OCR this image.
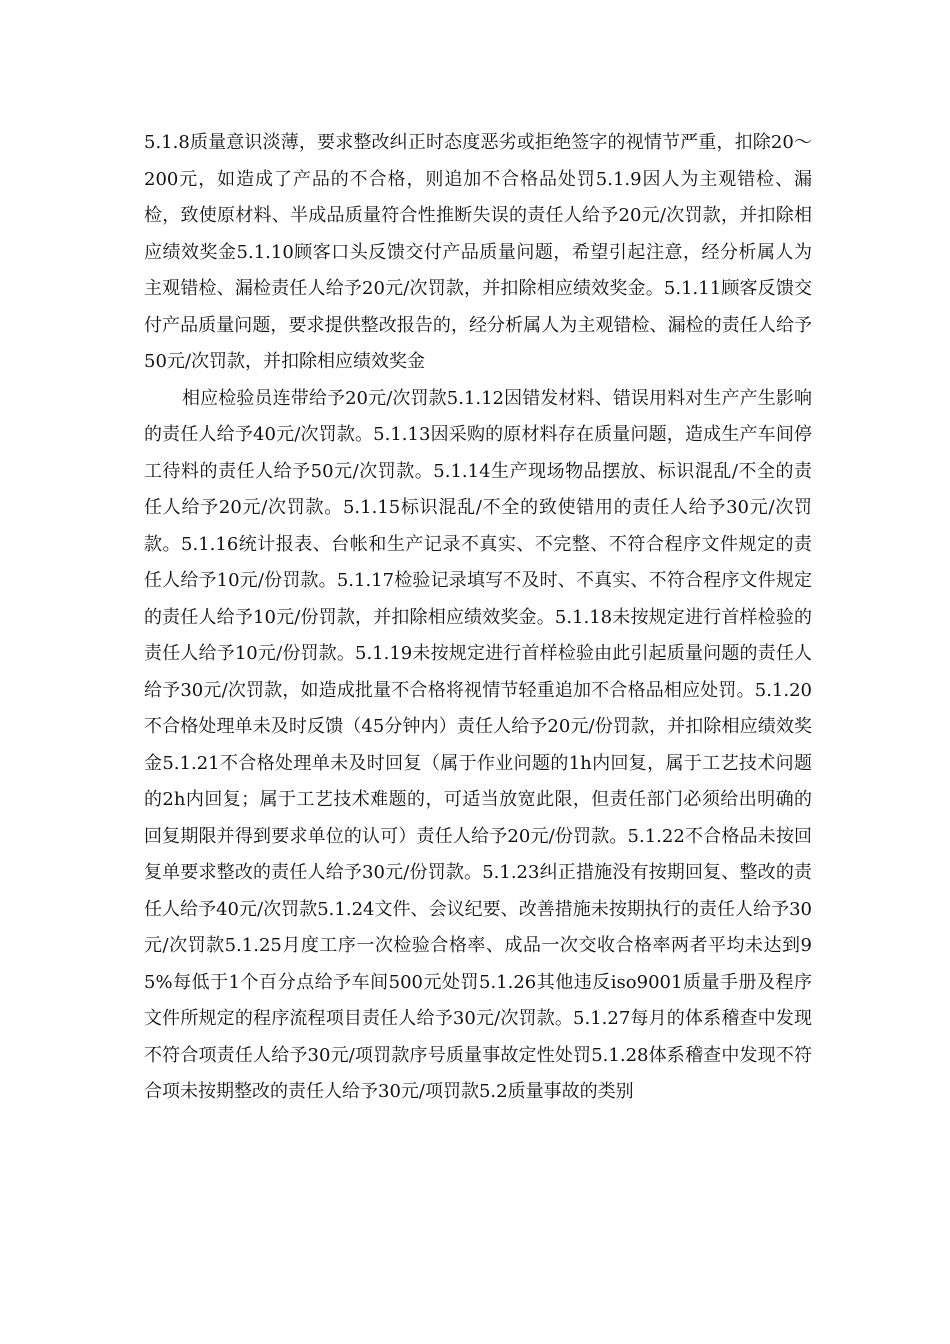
5.1.8质量意识淡薄，要求整改纠正时态度恶劣或拒绝签字的视情节严重，扣除20～200元，如造成了产品的不合格，则追加不合格品处罚5.1.9因人为主观错检、漏检，致使原材料、半成品质量符合性推断失误的责任人给予20元/次罚款，并扣除相应绩效奖金5.1.10顾客口头反馈交付产品质量问题，希望引起注意，经分析属人为主观错检、漏检责任人给予20元/次罚款，并扣除相应绩效奖金。5.1.11顾客反馈交付产品质量问题，要求提供整改报告的，经分析属人为主观错检、漏检的责任人给予50元/次罚款，并扣除相应绩效奖金

相应检验员连带给予20元/次罚款5.1.12因错发材料、错误用料对生产产生影响的责任人给予40元/次罚款。5.1.13因采购的原材料存在质量问题，造成生产车间停工待料的责任人给予50元/次罚款。5.1.14生产现场物品摆放、标识混乱/不全的责任人给予20元/次罚款。5.1.15标识混乱/不全的致使错用的责任人给予30元/次罚款。5.1.16统计报表、台帐和生产记录不真实、不完整、不符合程序文件规定的责任人给予10元/份罚款。5.1.17检验记录填写不及时、不真实、不符合程序文件规定的责任人给予10元/份罚款，并扣除相应绩效奖金。5.1.18未按规定进行首样检验的责任人给予10元/份罚款。5.1.19未按规定进行首样检验由此引起质量问题的责任人给予30元/次罚款，如造成批量不合格将视情节轻重追加不合格品相应处罚。5.1.20不合格处理单未及时反馈（45分钟内）责任人给予20元/份罚款，并扣除相应绩效奖金5.1.21不合格处理单未及时回复（属于作业问题的1h内回复，属于工艺技术问题的2h内回复；属于工艺技术难题的，可适当放宽此限，但责任部门必须给出明确的回复期限并得到要求单位的认可）责任人给予20元/份罚款。5.1.22不合格品未按回复单要求整改的责任人给予30元/份罚款。5.1.23纠正措施没有按期回复、整改的责任人给予40元/次罚款5.1.24文件、会议纪要、改善措施未按期执行的责任人给予30元/次罚款5.1.25月度工序一次检验合格率、成品一次交收合格率两者平均未达到95%每低于1个百分点给予车间500元处罚5.1.26其他违反iso9001质量手册及程序文件所规定的程序流程项目责任人给予30元/次罚款。5.1.27每月的体系稽查中发现不符合项责任人给予30元/项罚款序号质量事故定性处罚5.1.28体系稽查中发现不符合项未按期整改的责任人给予30元/项罚款5.2质量事故的类别
